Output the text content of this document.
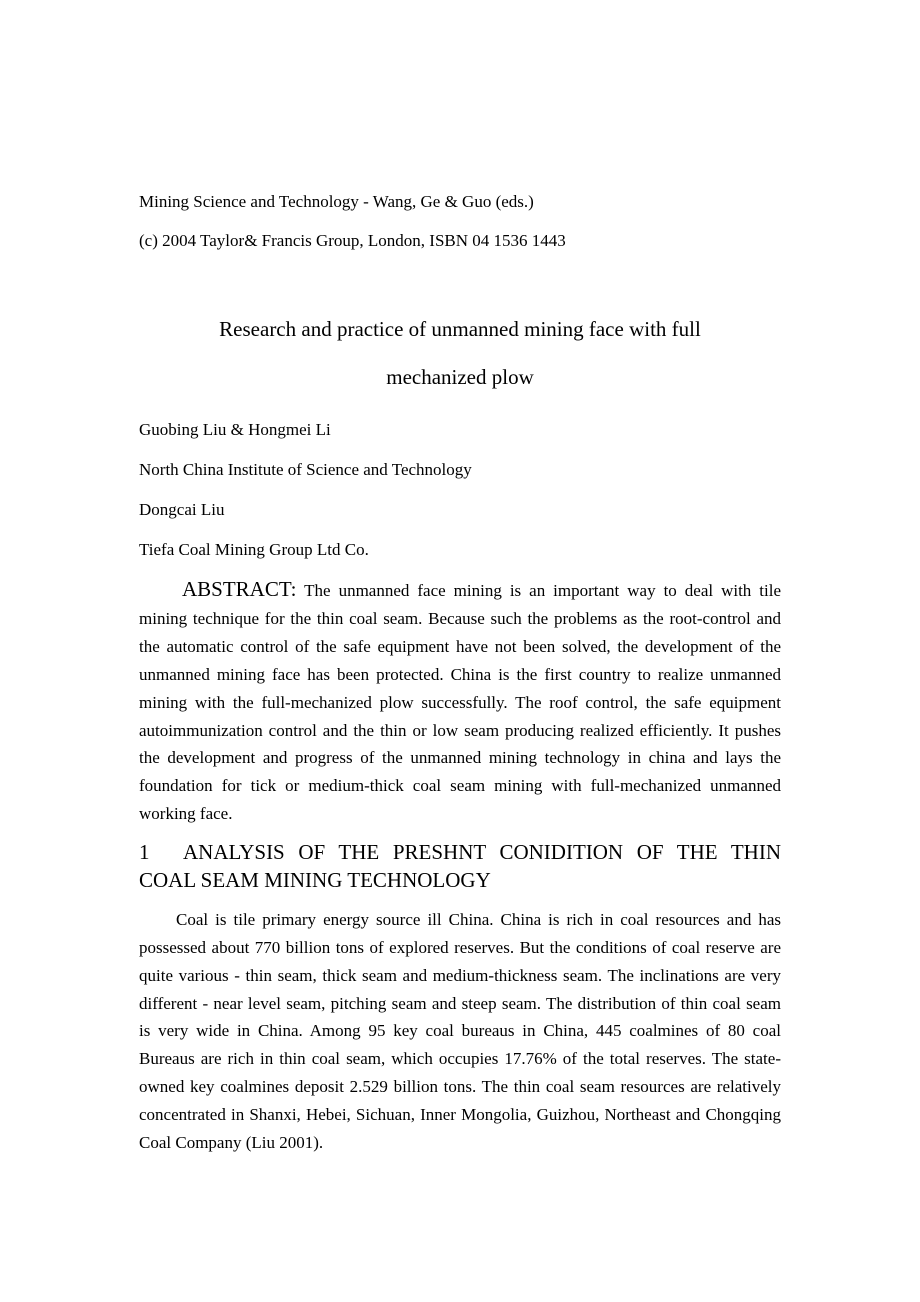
Mining Science and Technology - Wang, Ge & Guo (eds.)
(c) 2004 Taylor& Francis Group, London, ISBN 04 1536 1443
Research and practice of unmanned mining face with full
mechanized plow
Guobing Liu & Hongmei Li
North China Institute of Science and Technology
Dongcai Liu
Tiefa Coal Mining Group Ltd Co.
ABSTRACT: The unmanned face mining is an important way to deal with tile mining technique for the thin coal seam. Because such the problems as the root-control and the automatic control of the safe equipment have not been solved, the development of the unmanned mining face has been protected. China is the first country to realize unmanned mining with the full-mechanized plow successfully. The roof control, the safe equipment autoimmunization control and the thin or low seam producing realized efficiently. It pushes the development and progress of the unmanned mining technology in china and lays the foundation for tick or medium-thick coal seam mining with full-mechanized unmanned working face.
1 ANALYSIS OF THE PRESHNT CONIDITION OF THE THIN COAL SEAM MINING TECHNOLOGY
Coal is tile primary energy source ill China. China is rich in coal resources and has possessed about 770 billion tons of explored reserves. But the conditions of coal reserve are quite various - thin seam, thick seam and medium-thickness seam. The inclinations are very different - near level seam, pitching seam and steep seam. The distribution of thin coal seam is very wide in China. Among 95 key coal bureaus in China, 445 coalmines of 80 coal Bureaus are rich in thin coal seam, which occupies 17.76% of the total reserves. The state-owned key coalmines deposit 2.529 billion tons. The thin coal seam resources are relatively concentrated in Shanxi, Hebei, Sichuan, Inner Mongolia, Guizhou, Northeast and Chongqing Coal Company (Liu 2001).
